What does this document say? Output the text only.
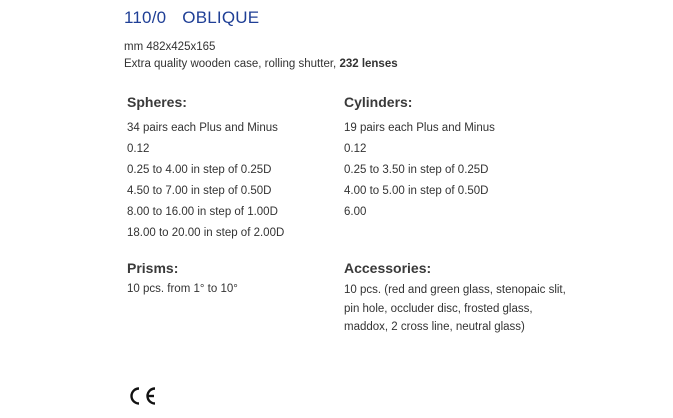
110/0 OBLIQUE
mm 482x425x165
Extra quality wooden case, rolling shutter, 232 lenses
Spheres:
34 pairs each Plus and Minus
0.12
0.25 to 4.00 in step of 0.25D
4.50 to 7.00 in step of 0.50D
8.00 to 16.00 in step of 1.00D
18.00 to 20.00 in step of 2.00D
Cylinders:
19 pairs each Plus and Minus
0.12
0.25 to 3.50 in step of 0.25D
4.00 to 5.00 in step of 0.50D
6.00
Prisms:
10 pcs. from 1° to 10°
Accessories:
10 pcs. (red and green glass, stenopaic slit, pin hole, occluder disc, frosted glass, maddox, 2 cross line, neutral glass)
